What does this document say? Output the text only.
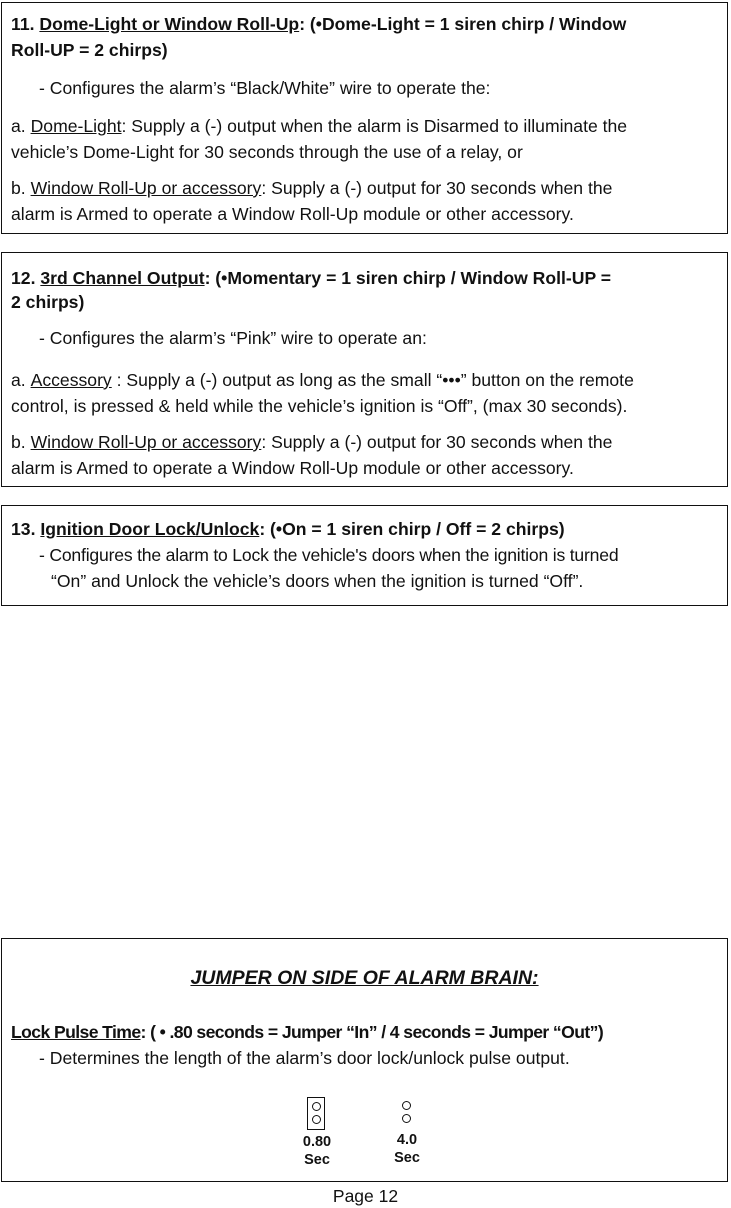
11. Dome-Light or Window Roll-Up: (•Dome-Light = 1 siren chirp / Window

Roll-UP = 2 chirps)

- Configures the alarm’s “Black/White” wire to operate the:

a. Dome-Light: Supply a (-) output when the alarm is Disarmed to illuminate the

vehicle’s Dome-Light for 30 seconds through the use of a relay, or

b. Window Roll-Up or accessory: Supply a (-) output for 30 seconds when the

alarm is Armed to operate a Window Roll-Up module or other accessory.

12. 3rd Channel Output: (•Momentary = 1 siren chirp / Window Roll-UP =

2 chirps)

- Configures the alarm’s “Pink” wire to operate an:

a. Accessory : Supply a (-) output as long as the small “•••” button on the remote

control, is pressed & held while the vehicle’s ignition is “Off”, (max 30 seconds).

b. Window Roll-Up or accessory: Supply a (-) output for 30 seconds when the

alarm is Armed to operate a Window Roll-Up module or other accessory.

13. Ignition Door Lock/Unlock: (•On = 1 siren chirp / Off = 2 chirps)

- Configures the alarm to Lock the vehicle's doors when the ignition is turned

“On” and Unlock the vehicle’s doors when the ignition is turned “Off”.

JUMPER ON SIDE OF ALARM BRAIN:

Lock Pulse Time: ( • .80 seconds = Jumper “In” / 4 seconds = Jumper “Out”)

- Determines the length of the alarm’s door lock/unlock pulse output.

0.80
Sec
4.0
Sec
Page 12
